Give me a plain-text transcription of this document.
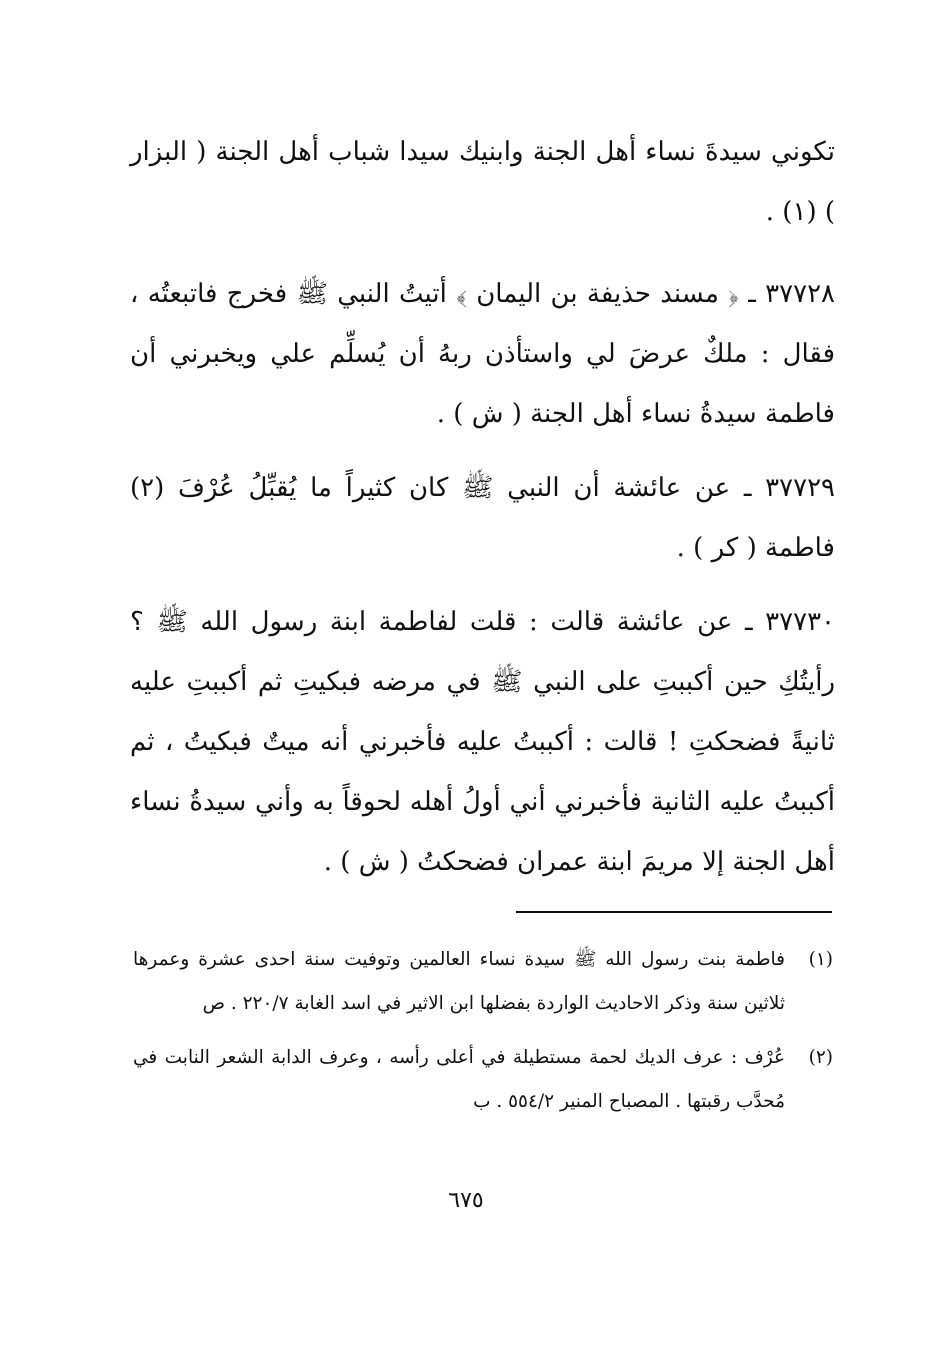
تكوني سيدةَ نساء أهل الجنة وابنيك سيدا شباب أهل الجنة ( البزار ) (١) .

٣٧٧٢٨ ـ ﴿ مسند حذيفة بن اليمان ﴾ أتيتُ النبي ﷺ فخرج فاتبعتُه ، فقال : ملكٌ عرضَ لي واستأذن ربهُ أن يُسلِّم علي ويخبرني أن فاطمة سيدةُ نساء أهل الجنة ( ش ) .

٣٧٧٢٩ ـ عن عائشة أن النبي ﷺ كان كثيراً ما يُقبِّلُ عُرْفَ (٢) فاطمة ( كر ) .

٣٧٧٣٠ ـ عن عائشة قالت : قلت لفاطمة ابنة رسول الله ﷺ ؟ رأيتُكِ حين أكببتِ على النبي ﷺ في مرضه فبكيتِ ثم أكببتِ عليه ثانيةً فضحكتِ ! قالت : أكببتُ عليه فأخبرني أنه ميتٌ فبكيتُ ، ثم أكببتُ عليه الثانية فأخبرني أني أولُ أهله لحوقاً به وأني سيدةُ نساء أهل الجنة إلا مريمَ ابنة عمران فضحكتُ ( ش ) .

(١)
فاطمة بنت رسول الله ﷺ سيدة نساء العالمين وتوفيت سنة احدى عشرة وعمرها ثلاثين سنة وذكر الاحاديث الواردة بفضلها ابن الاثير في اسد الغابة ٢٢٠/٧ . ص
(٢)
عُرْف : عرف الديك لحمة مستطيلة في أعلى رأسه ، وعرف الدابة الشعر النابت في مُحدَّب رقبتها . المصباح المنير ٥٥٤/٢ . ب
٦٧٥
